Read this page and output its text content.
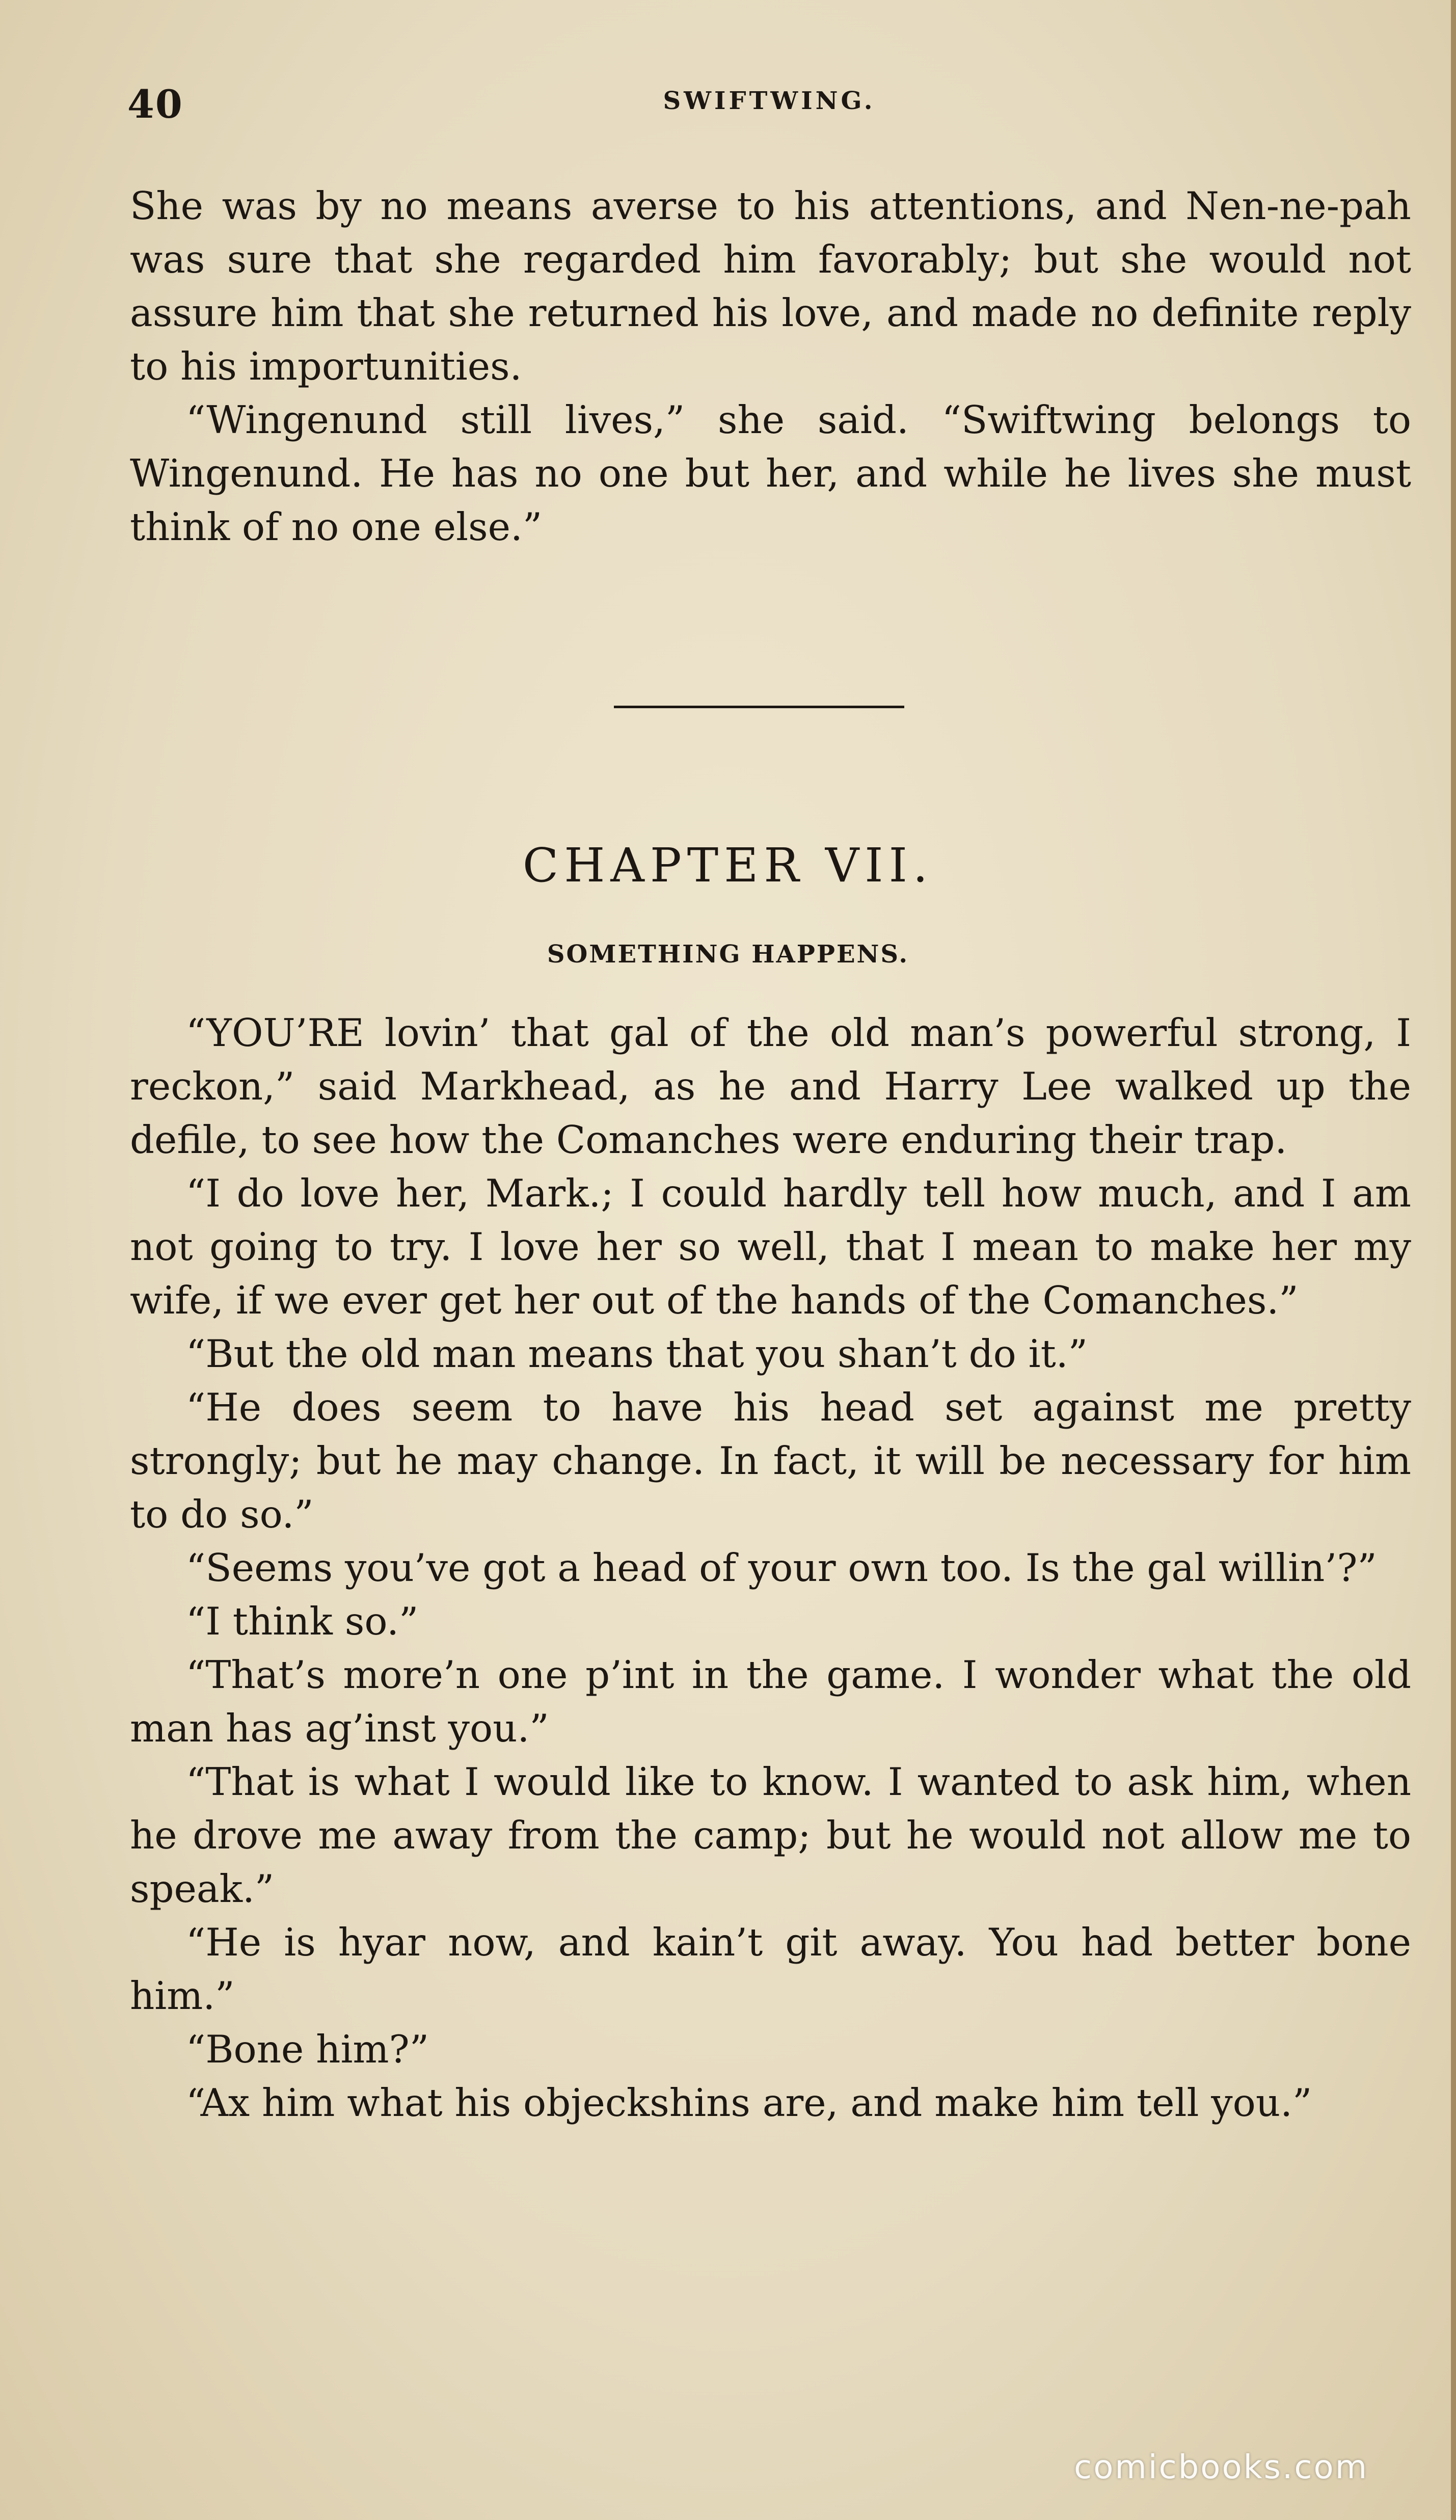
40	SWIFTWING.

She was by no means averse to his attentions, and Nen-ne-pah was sure that she regarded him favorably; but she would not assure him that she returned his love, and made no definite reply to his importunities.

“Wingenund still lives,” she said. “Swiftwing belongs to Wingenund. He has no one but her, and while he lives she must think of no one else.”

CHAPTER VII.
SOMETHING HAPPENS.

“YOU’RE lovin’ that gal of the old man’s powerful strong, I reckon,” said Markhead, as he and Harry Lee walked up the defile, to see how the Comanches were enduring their trap.

“I do love her, Mark.; I could hardly tell how much, and I am not going to try. I love her so well, that I mean to make her my wife, if we ever get her out of the hands of the Comanches.”

“But the old man means that you shan’t do it.”

“He does seem to have his head set against me pretty strongly; but he may change. In fact, it will be necessary for him to do so.”

“Seems you’ve got a head of your own too. Is the gal willin’?”

“I think so.”

“That’s more’n one p’int in the game. I wonder what the old man has ag’inst you.”

“That is what I would like to know. I wanted to ask him, when he drove me away from the camp; but he would not allow me to speak.”

“He is hyar now, and kain’t git away. You had better bone him.”

“Bone him?”

“Ax him what his objeckshins are, and make him tell you.”

comicbooks.com
